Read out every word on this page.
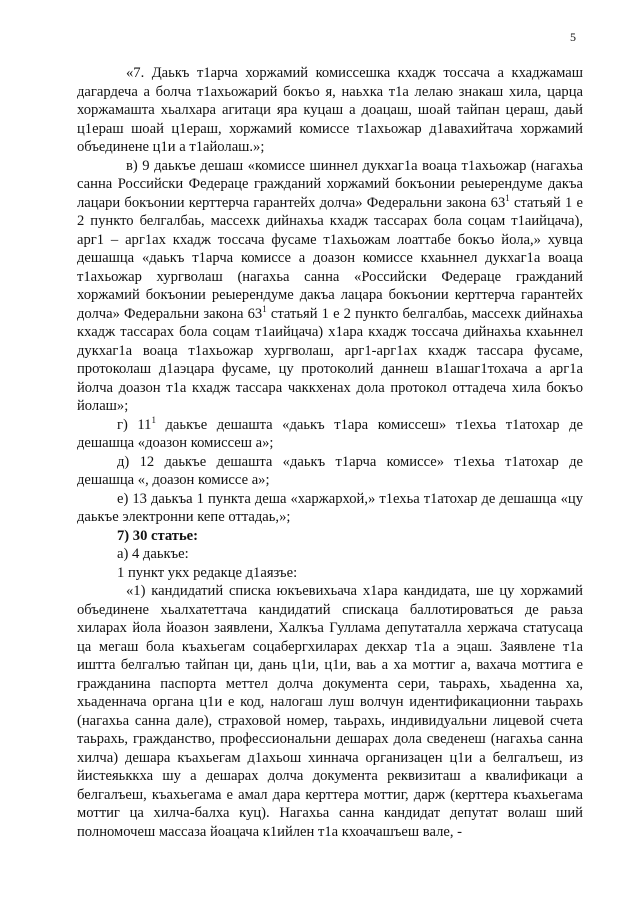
5

«7. Даькъ т1арча хоржамий комиссешка кхадж тоссача а кхаджамаш дагардеча а болча т1ахьожарий бокъо я, наьхка т1а лелаю знакаш хила, царца хоржамашта хьалхара агитаци яра куцаш а доацаш, шоай тайпан цераш, даьй ц1ераш шоай ц1ераш, хоржамий комиссе т1ахьожар д1авахийтача хоржамий объединене ц1и а т1айолаш.»;

в) 9 даькъе дешаш «комиссе шиннел дукхаг1а воаца т1ахьожар (нагахьа санна Российски Федераце гражданий хоржамий бокъонии реыерендуме дакъа лацари бокъонии керттерча гарантейх долча» Федеральни закона $63^1$ статьяй 1 е 2 пункто белгалбаь, массехк дийнахьа кхадж тассарах бола соцам т1аийцача), арг1 – арг1ах кхадж тоссача фусаме т1ахьожам лоаттабе бокъо йола,» хувца дешашца «даькъ т1арча комиссе а доазон комиссе кхаьннел дукхаг1а воаца т1ахьожар хургволаш (нагахьа санна «Российски Федераце гражданий хоржамий бокъонии реыерендуме дакъа лацара бокъонии керттерча гарантейх долча» Федеральни закона $63^1$ статьяй 1 е 2 пункто белгалбаь, массехк дийнахьа кхадж тассарах бола соцам т1аийцача) х1ара кхадж тоссача дийнахьа кхаьннел дукхаг1а воаца т1ахьожар хургволаш, арг1-арг1ах кхадж тассара фусаме, протоколаш д1аэцара фусаме, цу протоколий даннеш в1ашаг1тохача а арг1а йолча доазон т1а кхадж тассара чаккхенах дола протокол оттадеча хила бокъо йолаш»;

г) $11^1$ даькъе дешашта «даькъ т1ара комиссеш» т1ехьа т1атохар де дешашца «доазон комиссеш а»;

д) 12 даькъе дешашта «даькъ т1арча комиссе» т1ехьа т1атохар де дешашца «, доазон комиссе а»;

е) 13 даькъа 1 пункта деша «харжархой,» т1ехьа т1атохар де дешашца «цу даькъе электронни кепе оттадаь,»;

7) 30 статье:

а) 4 даькъе:

1 пункт укх редакце д1аязъе:

«1) кандидатий списка юкъевихьача х1ара кандидата, ше цу хоржамий объединене хьалхатеттача кандидатий спискаца баллотироваться де раьза хиларах йола йоазон заявлени, Халкъа Гуллама депутаталла хержача статусаца ца мегаш бола къахьегам соцабергхиларах декхар т1а а эцаш. Заявлене т1а иштта белгалъю тайпан ци, дань ц1и, ц1и, ваь а ха моттиг а, вахача моттига е гражданина паспорта меттел долча документа сери, таьрахь, хьаденна ха, хьаденнача органа ц1и е код, налогаш луш волчун идентификационни таьрахь (нагахьа санна дале), страховой номер, таьрахь, индивидуальни лицевой счета таьрахь, гражданство, профессиональни дешарах дола сведенеш (нагахьа санна хилча) дешара къахьегам д1ахьош хиннача организацен ц1и а белгалъеш, из йистеяьккха шу а дешарах долча документа реквизиташ а квалификаци а белгалъеш, къахьегама е амал дара керттера моттиг, дарж (керттера къахьегама моттиг ца хилча-балха куц). Нагахьа санна кандидат депутат волаш ший полномочеш массаза йоацача к1ийлен т1а кхоачашъеш вале, -
